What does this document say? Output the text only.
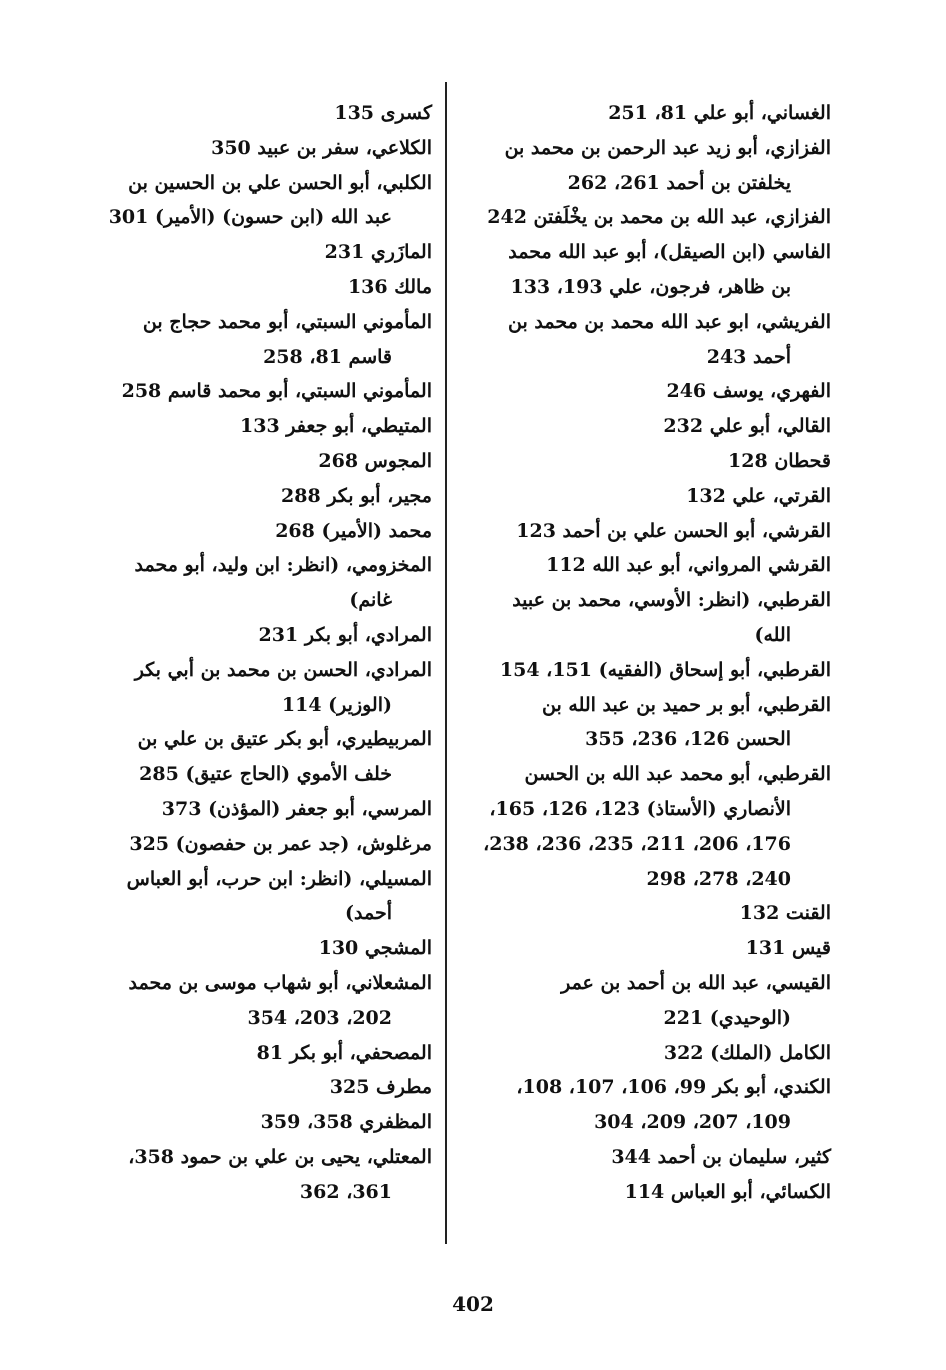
الغساني، أبو علي 81، 251
الفزازي، أبو زيد عبد الرحمن بن محمد بن
يخلفتن بن أحمد 261، 262
الفزازي، عبد الله بن محمد بن يخْلَفتن 242
الفاسي (ابن الصيقل)، أبو عبد الله محمد
بن ظاهر، فرجون، علي 193، 133
الفريشي، ابو عبد الله محمد بن محمد بن
أحمد 243
الفهري، يوسف 246
القالي، أبو علي 232
قحطان 128
القرتي، علي 132
القرشي، أبو الحسن علي بن أحمد 123
القرشي المرواني، أبو عبد الله 112
القرطبي، (انظر: الأوسي، محمد بن عبيد
الله)
القرطبي، أبو إسحاق (الفقيه) 151، 154
القرطبي، أبو بر حميد بن عبد الله بن
الحسن 126، 236، 355
القرطبي، أبو محمد عبد الله بن الحسن
الأنصاري (الأستاذ) 123، 126، 165،
176، 206، 211، 235، 236، 238،
240، 278، 298
القنت 132
قيس 131
القيسي، عبد الله بن أحمد بن عمر
(الوحيدي) 221
الكامل (الملك) 322
الكندي، أبو بكر 99، 106، 107، 108،
109، 207، 209، 304
كثير، سليمان بن أحمد 344
الكسائي، أبو العباس 114
كسرى 135
الكلاعي، سفر بن عبيد 350
الكلبي، أبو الحسن علي بن الحسين بن
عبد الله (ابن حسون) (الأمير) 301
المازَري 231
مالك 136
المأموني السبتي، أبو محمد حجاج بن
قاسم 81، 258
المأموني السبتي، أبو محمد قاسم 258
المتيطي، أبو جعفر 133
المجوس 268
مجير، أبو بكر 288
محمد (الأمير) 268
المخزومي، (انظر: ابن وليد، أبو محمد
غانم)
المرادي، أبو بكر 231
المرادي، الحسن بن محمد بن أبي بكر
(الوزير) 114
المربيطيري، أبو بكر عتيق بن علي بن
خلف الأموي (الحاج عتيق) 285
المرسي، أبو جعفر (المؤذن) 373
مرغلوش، (جد عمر بن حفصون) 325
المسيلي، (انظر: ابن حرب، أبو العباس
أحمد)
المشجي 130
المشعلاني، أبو شهاب موسى بن محمد
202، 203، 354
المصحفي، أبو بكر 81
مطرف 325
المظفري 358، 359
المعتلي، يحيى بن علي بن حمود 358،
361، 362
402
